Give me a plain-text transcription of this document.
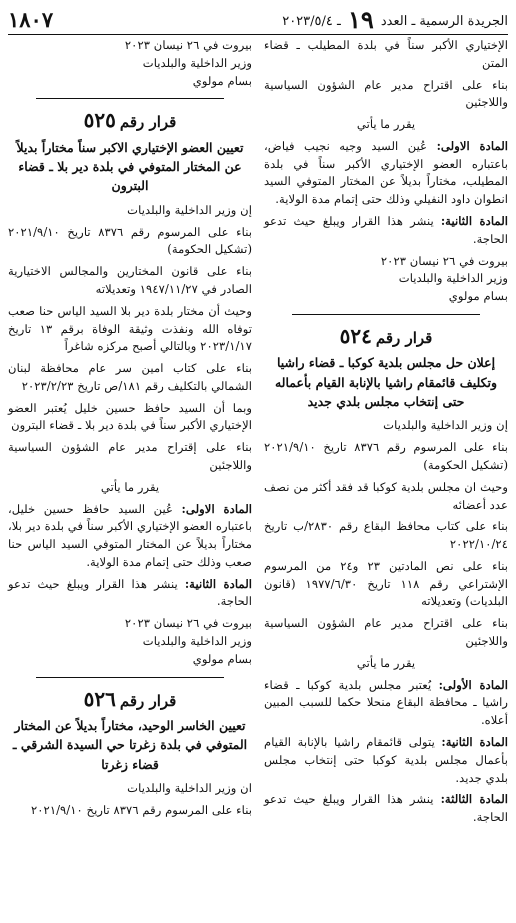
الجريدة الرسمية ـ العدد ١٩ ـ ٢٠٢٣/٥/٤
١٨٠٧

الإختياري الأكبر سناً في بلدة المطيلب ـ قضاء المتن

بناء على اقتراح مدير عام الشؤون السياسية واللاجئين

يقرر ما يأتي

المادة الاولى: عُين السيد وجيه نجيب فياض، باعتباره العضو الإختياري الأكبر سناً في بلدة المطيلب، مختاراً بديلاً عن المختار المتوفي السيد انطوان داود النفيلي وذلك حتى إتمام مدة الولاية.

المادة الثانية: ينشر هذا القرار ويبلغ حيث تدعو الحاجة.

بيروت في ٢٦ نيسان ٢٠٢٣

وزير الداخلية والبلديات

بسام مولوي

قرار رقم٥٢٤
إعلان حل مجلس بلدية كوكبا ـ قضاء راشيا وتكليف قائمقام راشيا بالإنابة القيام بأعماله حتى إنتخاب مجلس بلدي جديد

إن وزير الداخلية والبلديات

بناء على المرسوم رقم ٨٣٧٦ تاريخ ٢٠٢١/٩/١٠ (تشكيل الحكومة)

وحيث ان مجلس بلدية كوكبا قد فقد أكثر من نصف عدد أعضائه

بناء على كتاب محافظ البقاع رقم ٢٨٣٠/ب تاريخ ٢٠٢٢/١٠/٢٤

بناء على نص المادتين ٢٣ و٢٤ من المرسوم الإشتراعي رقم ١١٨ تاريخ ١٩٧٧/٦/٣٠ (قانون البلديات) وتعديلاته

بناء على اقتراح مدير عام الشؤون السياسية واللاجئين

يقرر ما يأتي

المادة الأولى: يُعتبر مجلس بلدية كوكبا ـ قضاء راشيا ـ محافظة البقاع منحلا حكما للسبب المبين أعلاه.

المادة الثانية: يتولى قائمقام راشيا بالإنابة القيام بأعمال مجلس بلدية كوكبا حتى إنتخاب مجلس بلدي جديد.

المادة الثالثة: ينشر هذا القرار ويبلغ حيث تدعو الحاجة.

بيروت في ٢٦ نيسان ٢٠٢٣

وزير الداخلية والبلديات

بسام مولوي

قرار رقم٥٢٥
تعيين العضو الإختياري الاكبر سناً مختاراً بديلاً عن المختار المتوفي في بلدة دير بلا ـ قضاء البترون

إن وزير الداخلية والبلديات

بناء على المرسوم رقم ٨٣٧٦ تاريخ ٢٠٢١/٩/١٠ (تشكيل الحكومة)

بناء على قانون المختارين والمجالس الاختيارية الصادر في ١٩٤٧/١١/٢٧ وتعديلاته

وحيث أن مختار بلدة دير بلا السيد الياس حنا صعب توفاه الله ونفذت وثيقة الوفاة برقم ١٣ تاريخ ٢٠٢٣/١/١٧ وبالتالي أصبح مركزه شاغراً

بناء على كتاب امين سر عام محافظة لبنان الشمالي بالتكليف رقم ١٨١/ص تاريخ ٢٠٢٣/٢/٢٣

وبما أن السيد حافظ حسين خليل يُعتبر العضو الإختياري الأكبر سناً في بلدة دير بلا ـ قضاء البترون

بناء على إقتراح مدير عام الشؤون السياسية واللاجئين

يقرر ما يأتي

المادة الاولى: عُين السيد حافظ حسين خليل، باعتباره العضو الإختياري الأكبر سناً في بلدة دير بلا، مختاراً بديلاً عن المختار المتوفي السيد الياس حنا صعب وذلك حتى إتمام مدة الولاية.

المادة الثانية: ينشر هذا القرار ويبلغ حيث تدعو الحاجة.

بيروت في ٢٦ نيسان ٢٠٢٣

وزير الداخلية والبلديات

بسام مولوي

قرار رقم٥٢٦
تعيين الخاسر الوحيد، مختاراً بديلاً عن المختار المتوفي في بلدة زغرتا حي السيدة الشرقي ـ قضاء زغرتا

ان وزير الداخلية والبلديات

بناء على المرسوم رقم ٨٣٧٦ تاريخ ٢٠٢١/٩/١٠
